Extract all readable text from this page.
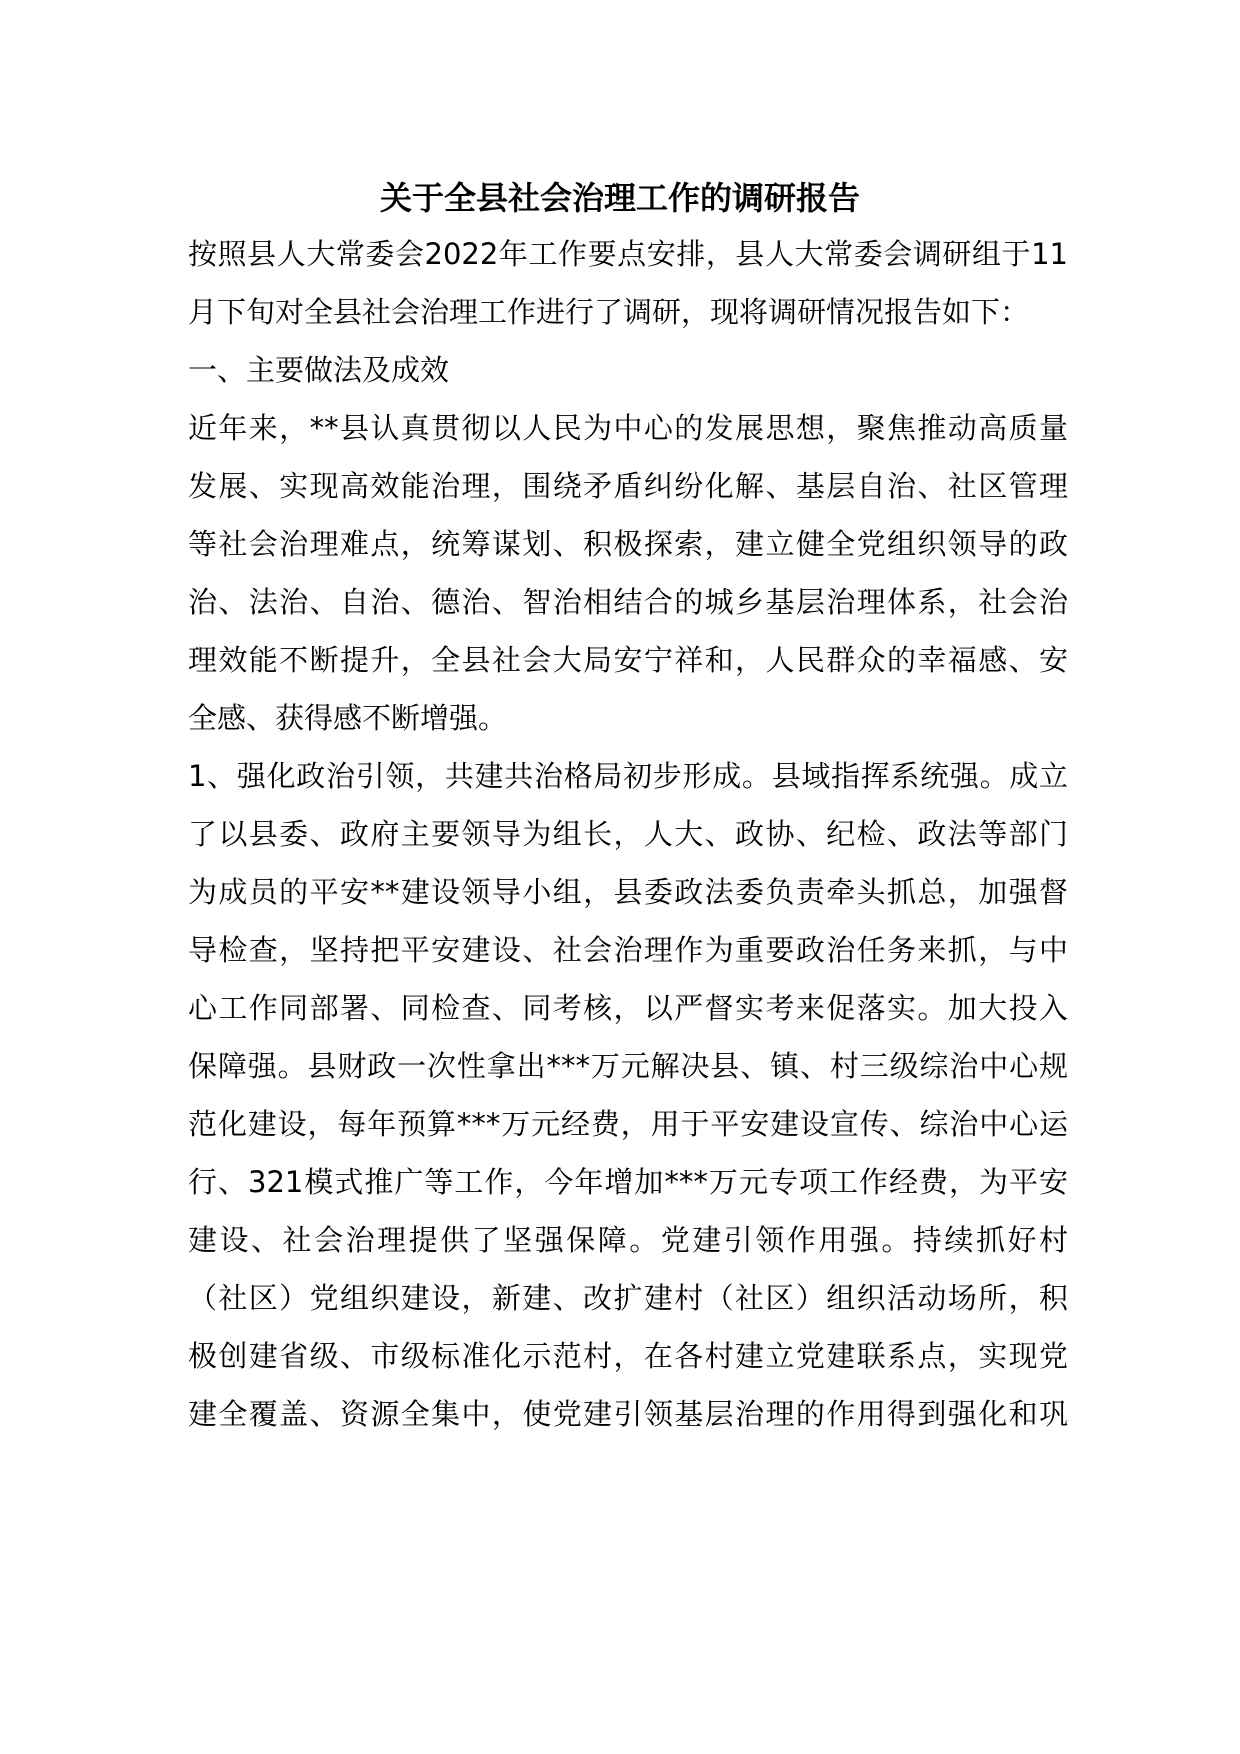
关于全县社会治理工作的调研报告
按照县人大常委会2022年工作要点安排，县人大常委会调研组于11
月下旬对全县社会治理工作进行了调研，现将调研情况报告如下：
一、主要做法及成效
近年来，**县认真贯彻以人民为中心的发展思想，聚焦推动高质量
发展、实现高效能治理，围绕矛盾纠纷化解、基层自治、社区管理
等社会治理难点，统筹谋划、积极探索，建立健全党组织领导的政
治、法治、自治、德治、智治相结合的城乡基层治理体系，社会治
理效能不断提升，全县社会大局安宁祥和，人民群众的幸福感、安
全感、获得感不断增强。
1、强化政治引领，共建共治格局初步形成。县域指挥系统强。成立
了以县委、政府主要领导为组长，人大、政协、纪检、政法等部门
为成员的平安**建设领导小组，县委政法委负责牵头抓总，加强督
导检查，坚持把平安建设、社会治理作为重要政治任务来抓，与中
心工作同部署、同检查、同考核，以严督实考来促落实。加大投入
保障强。县财政一次性拿出***万元解决县、镇、村三级综治中心规
范化建设，每年预算***万元经费，用于平安建设宣传、综治中心运
行、321模式推广等工作，今年增加***万元专项工作经费，为平安
建设、社会治理提供了坚强保障。党建引领作用强。持续抓好村
（社区）党组织建设，新建、改扩建村（社区）组织活动场所，积
极创建省级、市级标准化示范村，在各村建立党建联系点，实现党
建全覆盖、资源全集中，使党建引领基层治理的作用得到强化和巩
